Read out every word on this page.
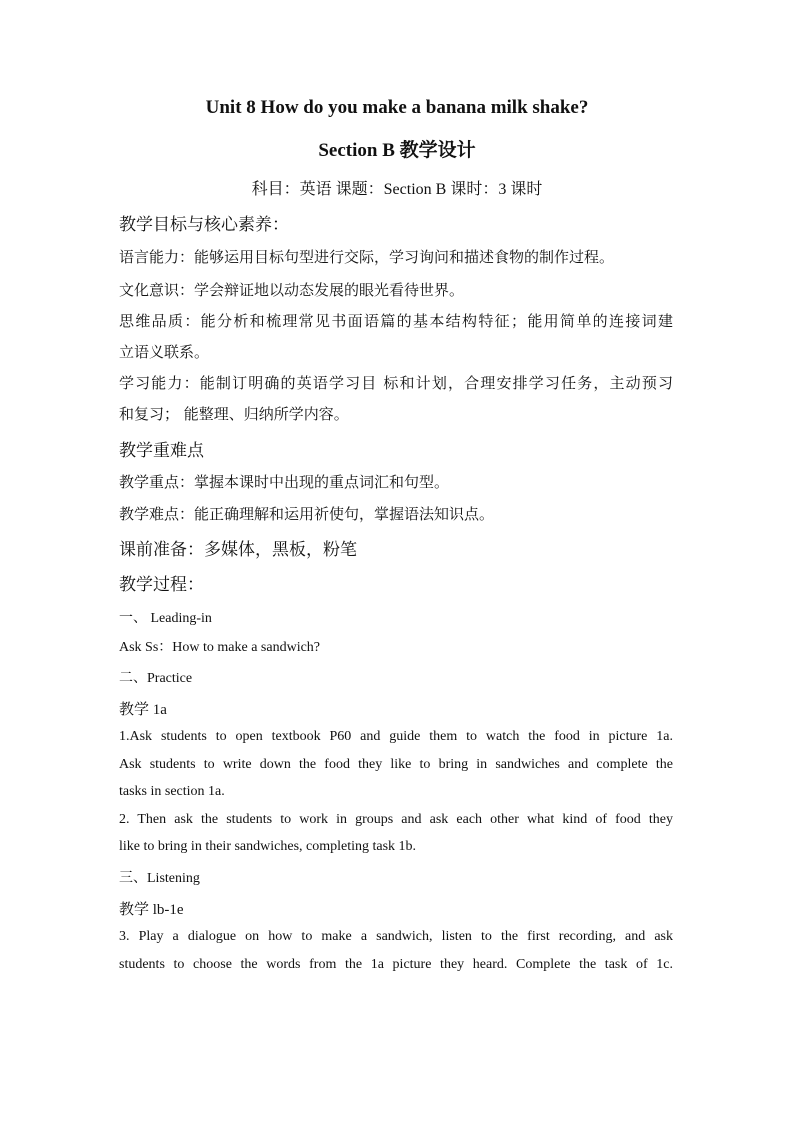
Unit 8 How do you make a banana milk shake?
Section B 教学设计
科目：英语 课题：Section B 课时：3 课时
教学目标与核心素养：
语言能力：能够运用目标句型进行交际，学习询问和描述食物的制作过程。
文化意识：学会辩证地以动态发展的眼光看待世界。
思维品质：能分析和梳理常见书面语篇的基本结构特征；能用简单的连接词建
立语义联系。
学习能力：能制订明确的英语学习目 标和计划，合理安排学习任务，主动预习
和复习； 能整理、归纳所学内容。
教学重难点
教学重点：掌握本课时中出现的重点词汇和句型。
教学难点：能正确理解和运用祈使句，掌握语法知识点。
课前准备：多媒体，黑板，粉笔
教学过程：
一、 Leading-in
Ask Ss：How to make a sandwich?
二、Practice
教学 1a
1.Ask students to open textbook P60 and guide them to watch the food in picture 1a.
Ask students to write down the food they like to bring in sandwiches and complete the
tasks in section 1a.
2. Then ask the students to work in groups and ask each other what kind of food they
like to bring in their sandwiches, completing task 1b.
三、Listening
教学 lb-1e
3. Play a dialogue on how to make a sandwich, listen to the first recording, and ask
students to choose the words from the 1a picture they heard. Complete the task of 1c.
